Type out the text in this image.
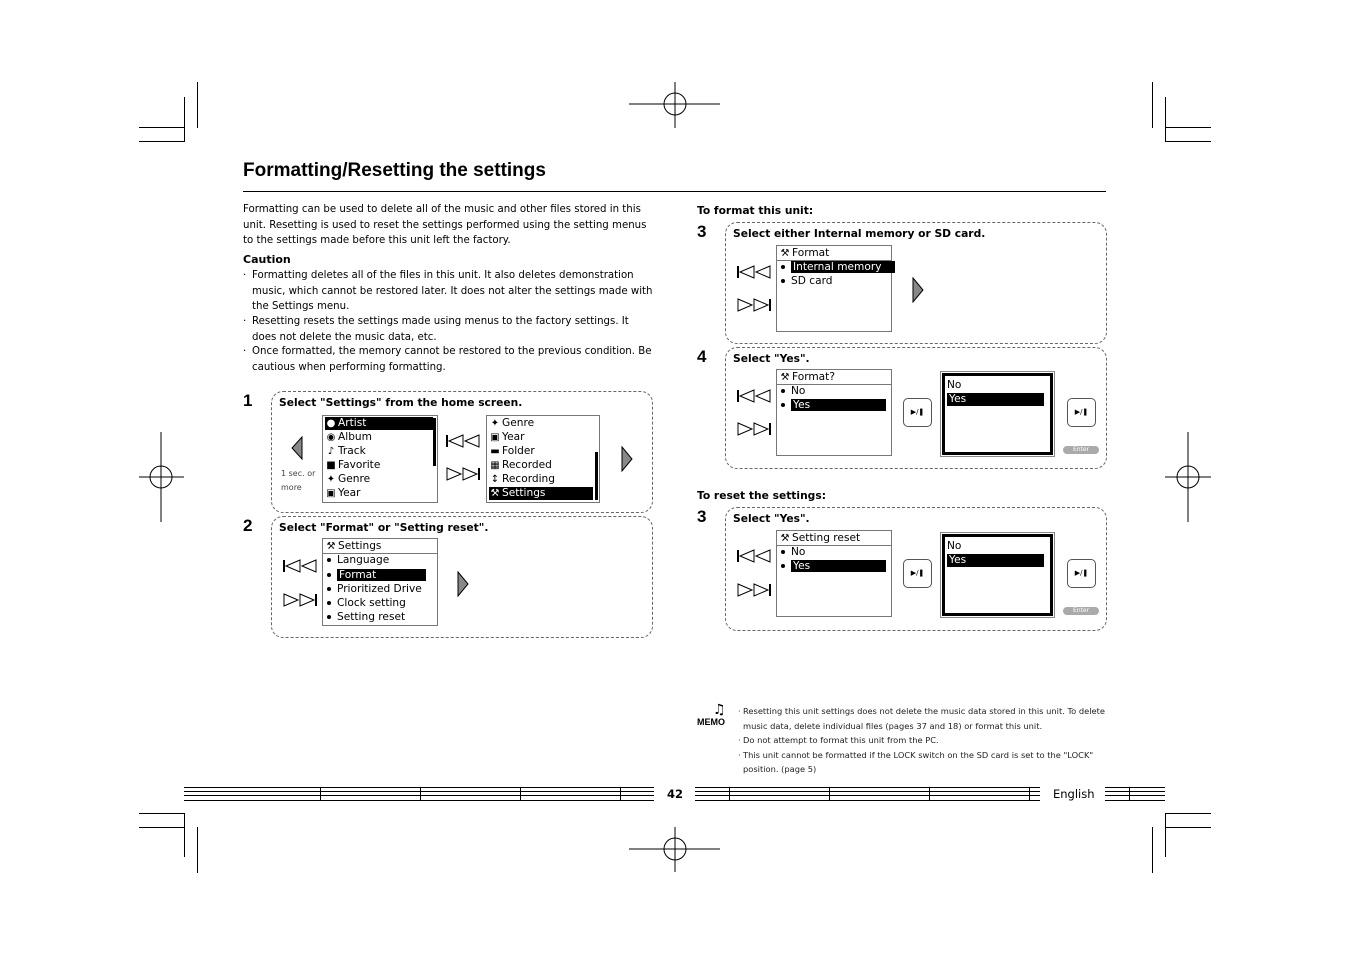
Formatting/Resetting the settings
Formatting can be used to delete all of the music and other files stored in this unit. Resetting is used to reset the settings performed using the setting menus to the settings made before this unit left the factory.
Caution
· Formatting deletes all of the files in this unit. It also deletes demonstration music, which cannot be restored later. It does not alter the settings made with the Settings menu.
· Resetting resets the settings made using menus to the factory settings. It does not delete the music data, etc.
· Once formatted, the memory cannot be restored to the previous condition. Be cautious when performing formatting.
1 Select "Settings" from the home screen.
1 sec. or
more
● Artist
◉ Album
♪ Track
■ Favorite
✦ Genre
▣ Year
✦ Genre
▣ Year
▬ Folder
▦ Recorded
↕ Recording
⚒ Settings
2 Select "Format" or "Setting reset".
⚒ Settings
Language
Format
Prioritized Drive
Clock setting
Setting reset
To format this unit:
3 Select either Internal memory or SD card.
⚒ Format
Internal memory
SD card
4 Select "Yes".
⚒ Format?
No
Yes
▶/❚
No
Yes
▶/❚
Enter
To reset the settings:
3 Select "Yes".
⚒ Setting reset
No
Yes
▶/❚
No
Yes
▶/❚
Enter
♫
MEMO
· Resetting this unit settings does not delete the music data stored in this unit. To delete music data, delete individual files (pages 37 and 18) or format this unit.
· Do not attempt to format this unit from the PC.
· This unit cannot be formatted if the LOCK switch on the SD card is set to the "LOCK" position. (page 5)
42	English
